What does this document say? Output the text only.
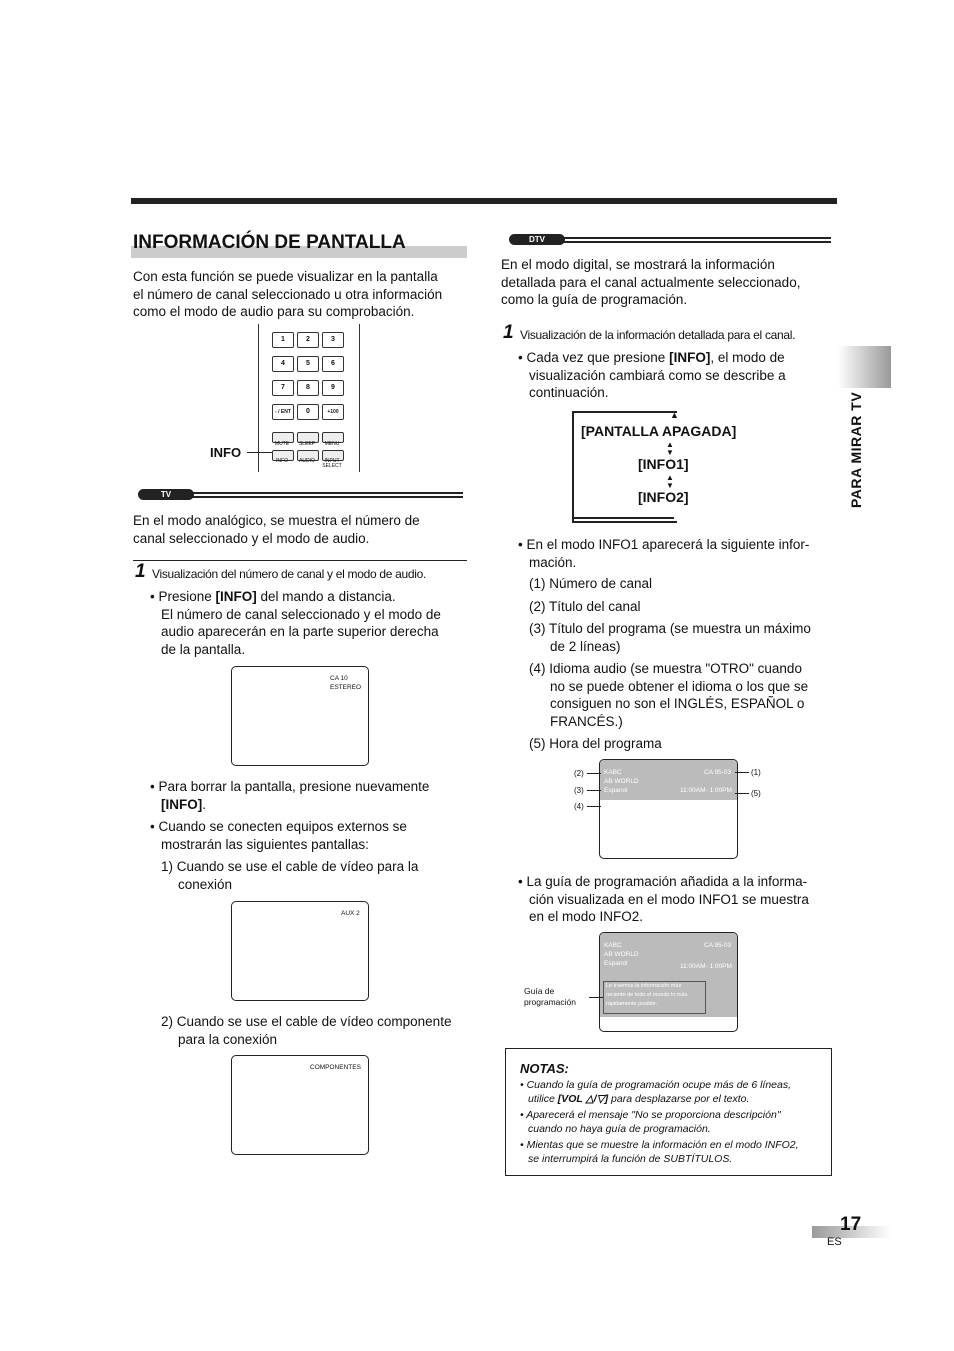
PARA MIRAR TV
INFORMACIÓN DE PANTALLA
Con esta función se puede visualizar en la pantalla
el número de canal seleccionado u otra información
como el modo de audio para su comprobación.
1	2	3
4	5	6
7	8	9
- / ENT	0	+100
MUTE	SLEEP	MENU
INFO	AUDIO	INPUT SELECT
INFO
TV
En el modo analógico, se muestra el número de
canal seleccionado y el modo de audio.
1 Visualización del número de canal y el modo de audio.
• Presione [INFO] del mando a distancia.
El número de canal seleccionado y el modo de
audio aparecerán en la parte superior derecha
de la pantalla.
CA 10
ESTEREO
• Para borrar la pantalla, presione nuevamente
[INFO].
• Cuando se conecten equipos externos se
mostrarán las siguientes pantallas:
1) Cuando se use el cable de vídeo para la
conexión
AUX 2
2) Cuando se use el cable de vídeo componente
para la conexión
COMPONENTES
DTV
En el modo digital, se mostrará la información
detallada para el canal actualmente seleccionado,
como la guía de programación.
1 Visualización de la información detallada para el canal.
• Cada vez que presione [INFO], el modo de
visualización cambiará como se describe a
continuación.
▲
[PANTALLA APAGADA]
▲
▼
[INFO1]
▲
▼
[INFO2]
• En el modo INFO1 aparecerá la siguiente infor-
mación.
(1) Número de canal
(2) Título del canal
(3) Título del programa (se muestra un máximo
de 2 líneas)
(4) Idioma audio (se muestra "OTRO" cuando
no se puede obtener el idioma o los que se
consiguen no son el INGLÉS, ESPAÑOL o
FRANCÉS.)
(5) Hora del programa
KABC
AB WORLD
Espanol
CA 95-03
11:00AM- 1:00PM
(2)
(3)
(4)
(1)
(5)
• La guía de programación añadida a la informa-
ción visualizada en el modo INFO1 se muestra
en el modo INFO2.
KABC
AB WORLD
Espanol
CA 95-03
11:00AM- 1:00PM
Le traemos la información más
reciente de todo el mundo lo más
rápidamente posible.
Guía de
programación
NOTAS:
• Cuando la guía de programación ocupe más de 6 líneas,
utilice [VOL △/▽] para desplazarse por el texto.
• Aparecerá el mensaje "No se proporciona descripción"
cuando no haya guía de programación.
• Mientas que se muestre la información en el modo INFO2,
se interrumpirá la función de SUBTÍTULOS.
17
ES
